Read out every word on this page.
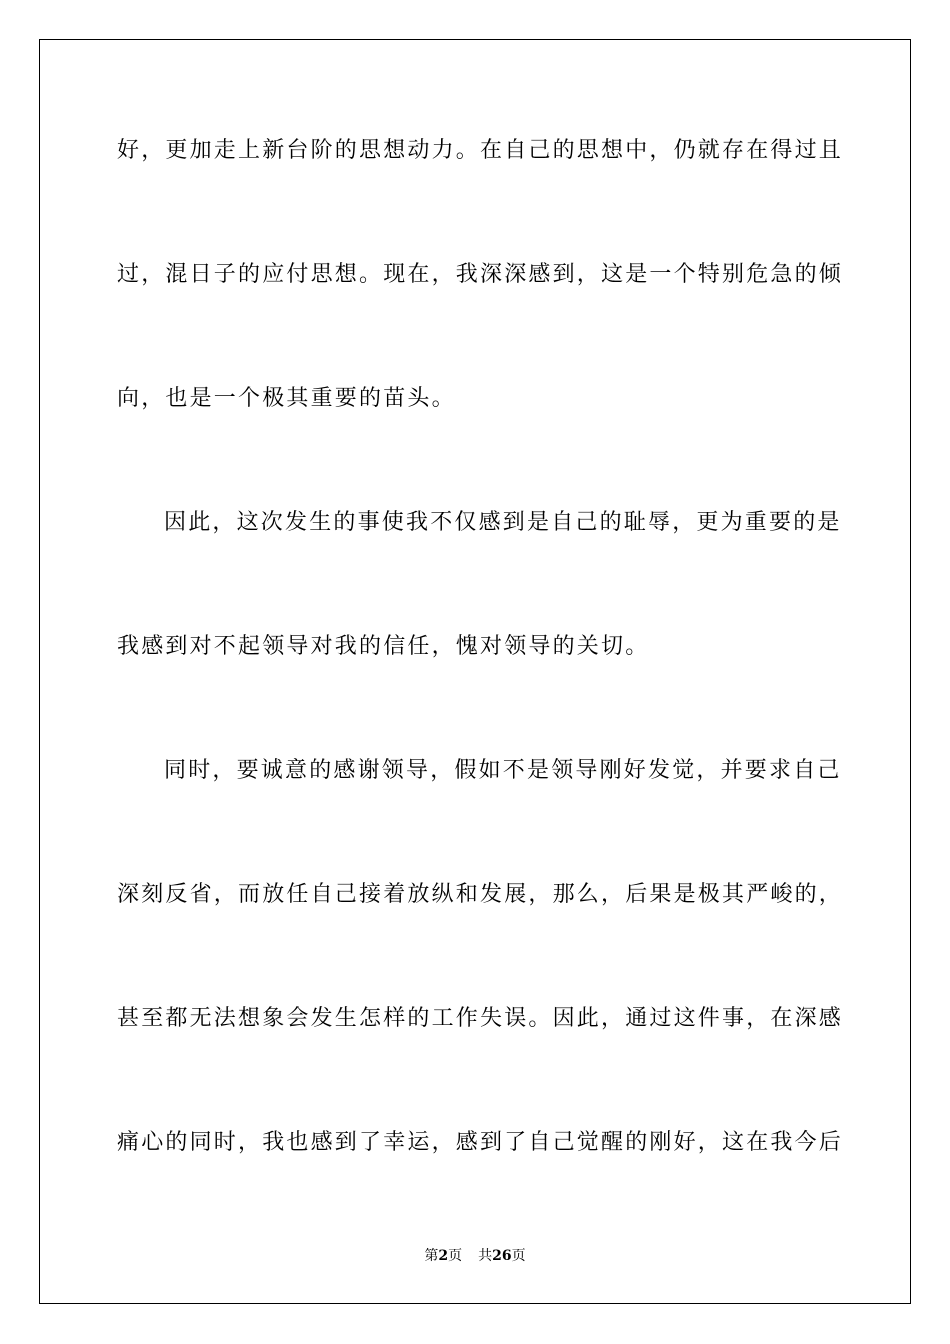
好，更加走上新台阶的思想动力。在自己的思想中，仍就存在得过且
过，混日子的应付思想。现在，我深深感到，这是一个特别危急的倾
向，也是一个极其重要的苗头。
因此，这次发生的事使我不仅感到是自己的耻辱，更为重要的是
我感到对不起领导对我的信任，愧对领导的关切。
同时，要诚意的感谢领导，假如不是领导刚好发觉，并要求自己
深刻反省，而放任自己接着放纵和发展，那么，后果是极其严峻的，
甚至都无法想象会发生怎样的工作失误。因此，通过这件事，在深感
痛心的同时，我也感到了幸运，感到了自己觉醒的刚好，这在我今后
第2页 共26页
